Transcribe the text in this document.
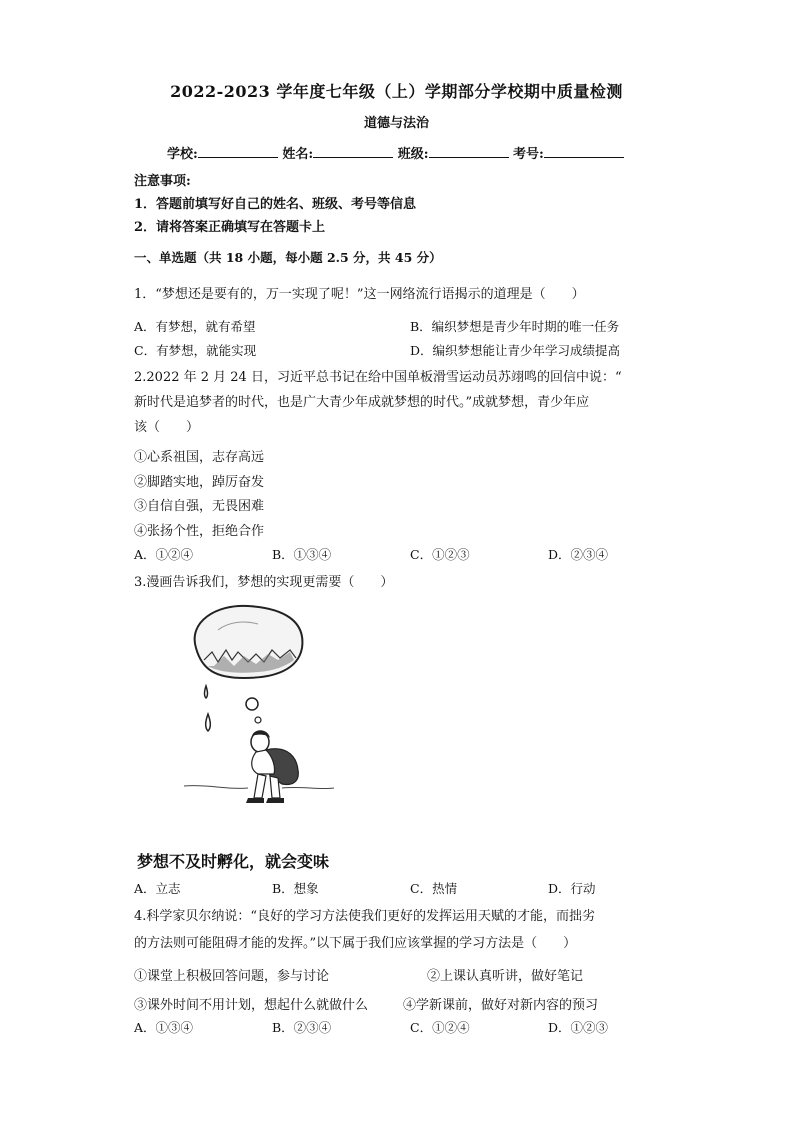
2022-2023 学年度七年级（上）学期部分学校期中质量检测
道德与法治
学校:	姓名:	班级:	考号:
注意事项:
1．答题前填写好自己的姓名、班级、考号等信息
2．请将答案正确填写在答题卡上
一、单选题（共 18 小题，每小题 2.5 分，共 45 分）
1．“梦想还是要有的，万一实现了呢！”这一网络流行语揭示的道理是（　　）
A．有梦想，就有希望	B．编织梦想是青少年时期的唯一任务
C．有梦想，就能实现	D．编织梦想能让青少年学习成绩提高
2.2022 年 2 月 24 日，习近平总书记在给中国单板滑雪运动员苏翊鸣的回信中说：“
新时代是追梦者的时代，也是广大青少年成就梦想的时代。”成就梦想，青少年应
该（　　）
①心系祖国，志存高远
②脚踏实地，踔厉奋发
③自信自强，无畏困难
④张扬个性，拒绝合作
A．①②④	B．①③④	C．①②③	D．②③④
3.漫画告诉我们，梦想的实现更需要（　　）
梦想不及时孵化，就会变味
A．立志	B．想象	C．热情	D．行动
4.科学家贝尔纳说：“良好的学习方法使我们更好的发挥运用天赋的才能，而拙劣
的方法则可能阻碍才能的发挥。”以下属于我们应该掌握的学习方法是（　　）
①课堂上积极回答问题，参与讨论	②上课认真听讲，做好笔记
③课外时间不用计划，想起什么就做什么	④学新课前，做好对新内容的预习
A．①③④	B．②③④	C．①②④	D．①②③
